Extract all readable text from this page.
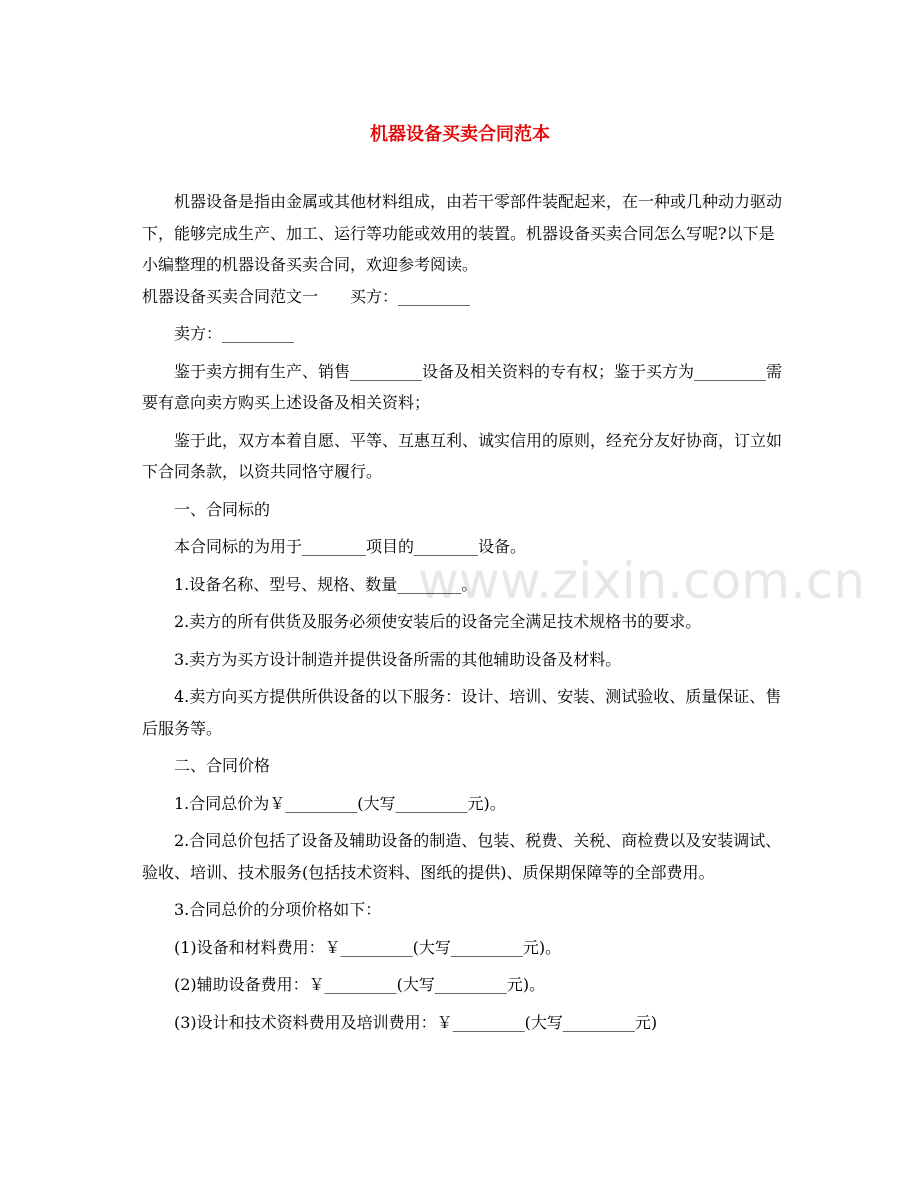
机器设备买卖合同范本
www.zixin.com.cn

机器设备是指由金属或其他材料组成，由若干零部件装配起来，在一种或几种动力驱动下，能够完成生产、加工、运行等功能或效用的装置。机器设备买卖合同怎么写呢?以下是小编整理的机器设备买卖合同，欢迎参考阅读。

机器设备买卖合同范文一　　买方：_________

卖方：_________

鉴于卖方拥有生产、销售_________设备及相关资料的专有权；鉴于买方为_________需要有意向卖方购买上述设备及相关资料；

鉴于此，双方本着自愿、平等、互惠互利、诚实信用的原则，经充分友好协商，订立如下合同条款，以资共同恪守履行。

一、合同标的

本合同标的为用于________项目的________设备。

1.设备名称、型号、规格、数量________。

2.卖方的所有供货及服务必须使安装后的设备完全满足技术规格书的要求。

3.卖方为买方设计制造并提供设备所需的其他辅助设备及材料。

4.卖方向买方提供所供设备的以下服务：设计、培训、安装、测试验收、质量保证、售后服务等。

二、合同价格

1.合同总价为￥_________(大写_________元)。

2.合同总价包括了设备及辅助设备的制造、包装、税费、关税、商检费以及安装调试、验收、培训、技术服务(包括技术资料、图纸的提供)、质保期保障等的全部费用。

3.合同总价的分项价格如下：

(1)设备和材料费用：￥_________(大写_________元)。

(2)辅助设备费用：￥_________(大写_________元)。

(3)设计和技术资料费用及培训费用：￥_________(大写_________元)
